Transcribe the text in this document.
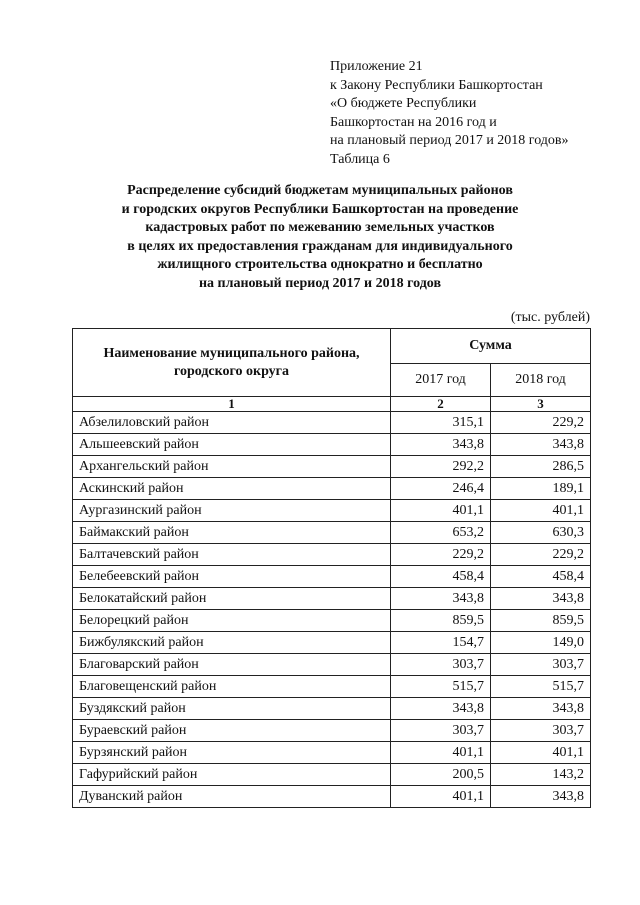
Приложение 21
к Закону Республики Башкортостан
«О бюджете Республики
Башкортостан на 2016 год и
на плановый период 2017 и 2018 годов»
Таблица 6
Распределение субсидий бюджетам муниципальных районов
и городских округов Республики Башкортостан на проведение
кадастровых работ по межеванию земельных участков
в целях их предоставления гражданам для индивидуального
жилищного строительства однократно и бесплатно
на плановый период 2017 и 2018 годов
(тыс. рублей)
Наименование муниципального района, городского округа	Сумма	
	2017 год	2018 год
1	2	3
Абзелиловский район	315,1	229,2
Альшеевский район	343,8	343,8
Архангельский район	292,2	286,5
Аскинский район	246,4	189,1
Аургазинский район	401,1	401,1
Баймакский район	653,2	630,3
Балтачевский район	229,2	229,2
Белебеевский район	458,4	458,4
Белокатайский район	343,8	343,8
Белорецкий район	859,5	859,5
Бижбулякский район	154,7	149,0
Благоварский район	303,7	303,7
Благовещенский район	515,7	515,7
Буздякский район	343,8	343,8
Бураевский район	303,7	303,7
Бурзянский район	401,1	401,1
Гафурийский район	200,5	143,2
Дуванский район	401,1	343,8
